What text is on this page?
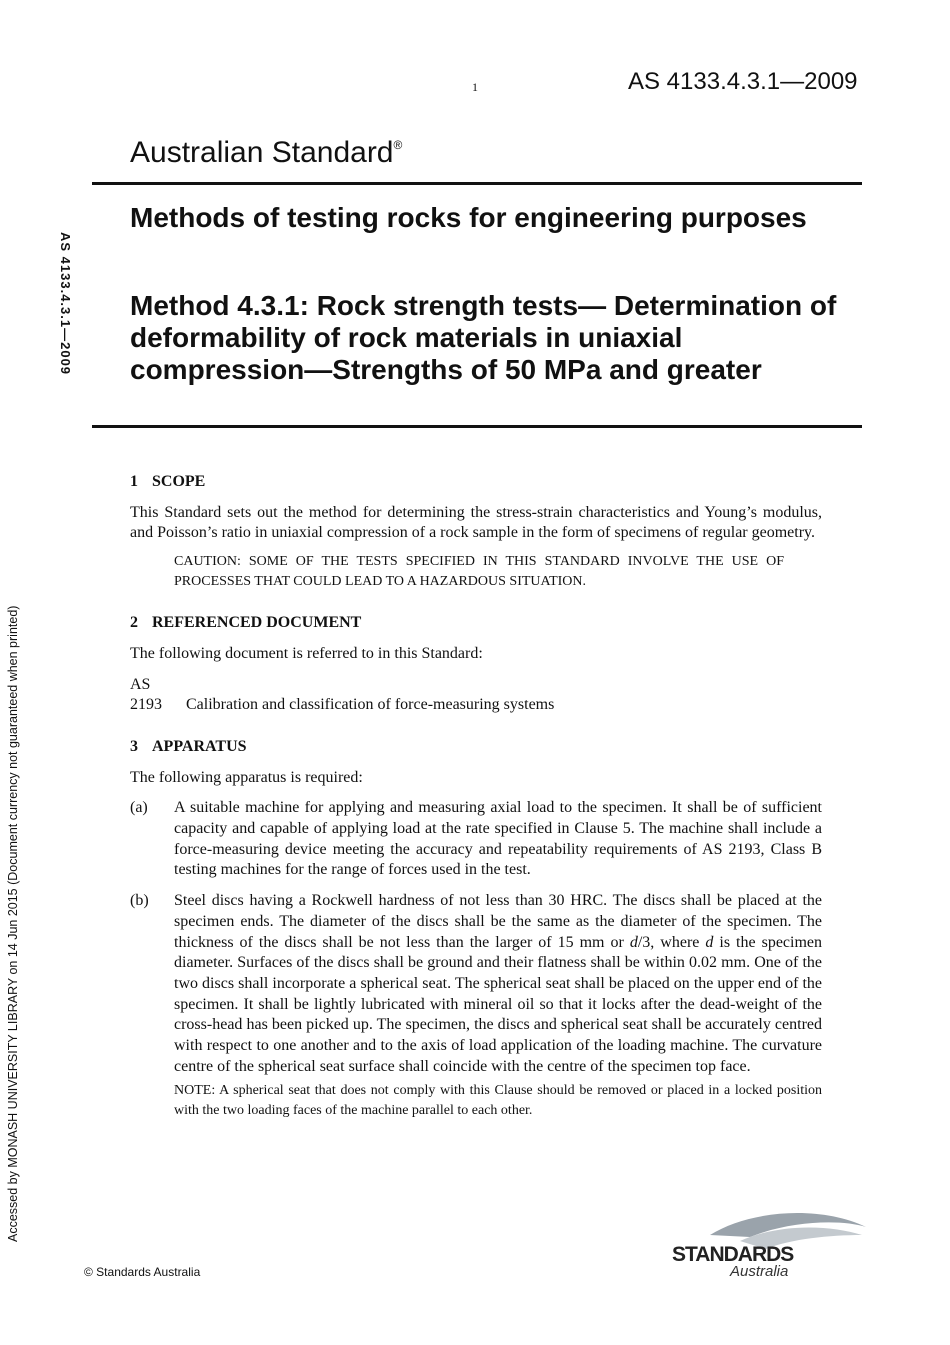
1	AS 4133.4.3.1—2009
Australian Standard®
Methods of testing rocks for engineering purposes
Method 4.3.1: Rock strength tests— Determination of deformability of rock materials in uniaxial compression—Strengths of 50 MPa and greater
AS 4133.4.3.1—2009
Accessed by MONASH UNIVERSITY LIBRARY on 14 Jun 2015 (Document currency not guaranteed when printed)

1 SCOPE

This Standard sets out the method for determining the stress-strain characteristics and Young’s modulus, and Poisson’s ratio in uniaxial compression of a rock sample in the form of specimens of regular geometry.

CAUTION: SOME OF THE TESTS SPECIFIED IN THIS STANDARD INVOLVE THE USE OF PROCESSES THAT COULD LEAD TO A HAZARDOUS SITUATION.

2 REFERENCED DOCUMENT

The following document is referred to in this Standard:

AS

2193 Calibration and classification of force-measuring systems

3 APPARATUS

The following apparatus is required:

(a)	A suitable machine for applying and measuring axial load to the specimen. It shall be of sufficient capacity and capable of applying load at the rate specified in Clause 5. The machine shall include a force-measuring device meeting the accuracy and repeatability requirements of AS 2193, Class B testing machines for the range of forces used in the test.
(b)	Steel discs having a Rockwell hardness of not less than 30 HRC. The discs shall be placed at the specimen ends. The diameter of the discs shall be the same as the diameter of the specimen. The thickness of the discs shall be not less than the larger of 15 mm or d/3, where d is the specimen diameter. Surfaces of the discs shall be ground and their flatness shall be within 0.02 mm. One of the two discs shall incorporate a spherical seat. The spherical seat shall be placed on the upper end of the specimen. It shall be lightly lubricated with mineral oil so that it locks after the dead-weight of the cross-head has been picked up. The specimen, the discs and spherical seat shall be accurately centred with respect to one another and to the axis of load application of the loading machine. The curvature centre of the spherical seat surface shall coincide with the centre of the specimen top face.

NOTE: A spherical seat that does not comply with this Clause should be removed or placed in a locked position with the two loading faces of the machine parallel to each other.

© Standards Australia
STANDARDS
Australia
